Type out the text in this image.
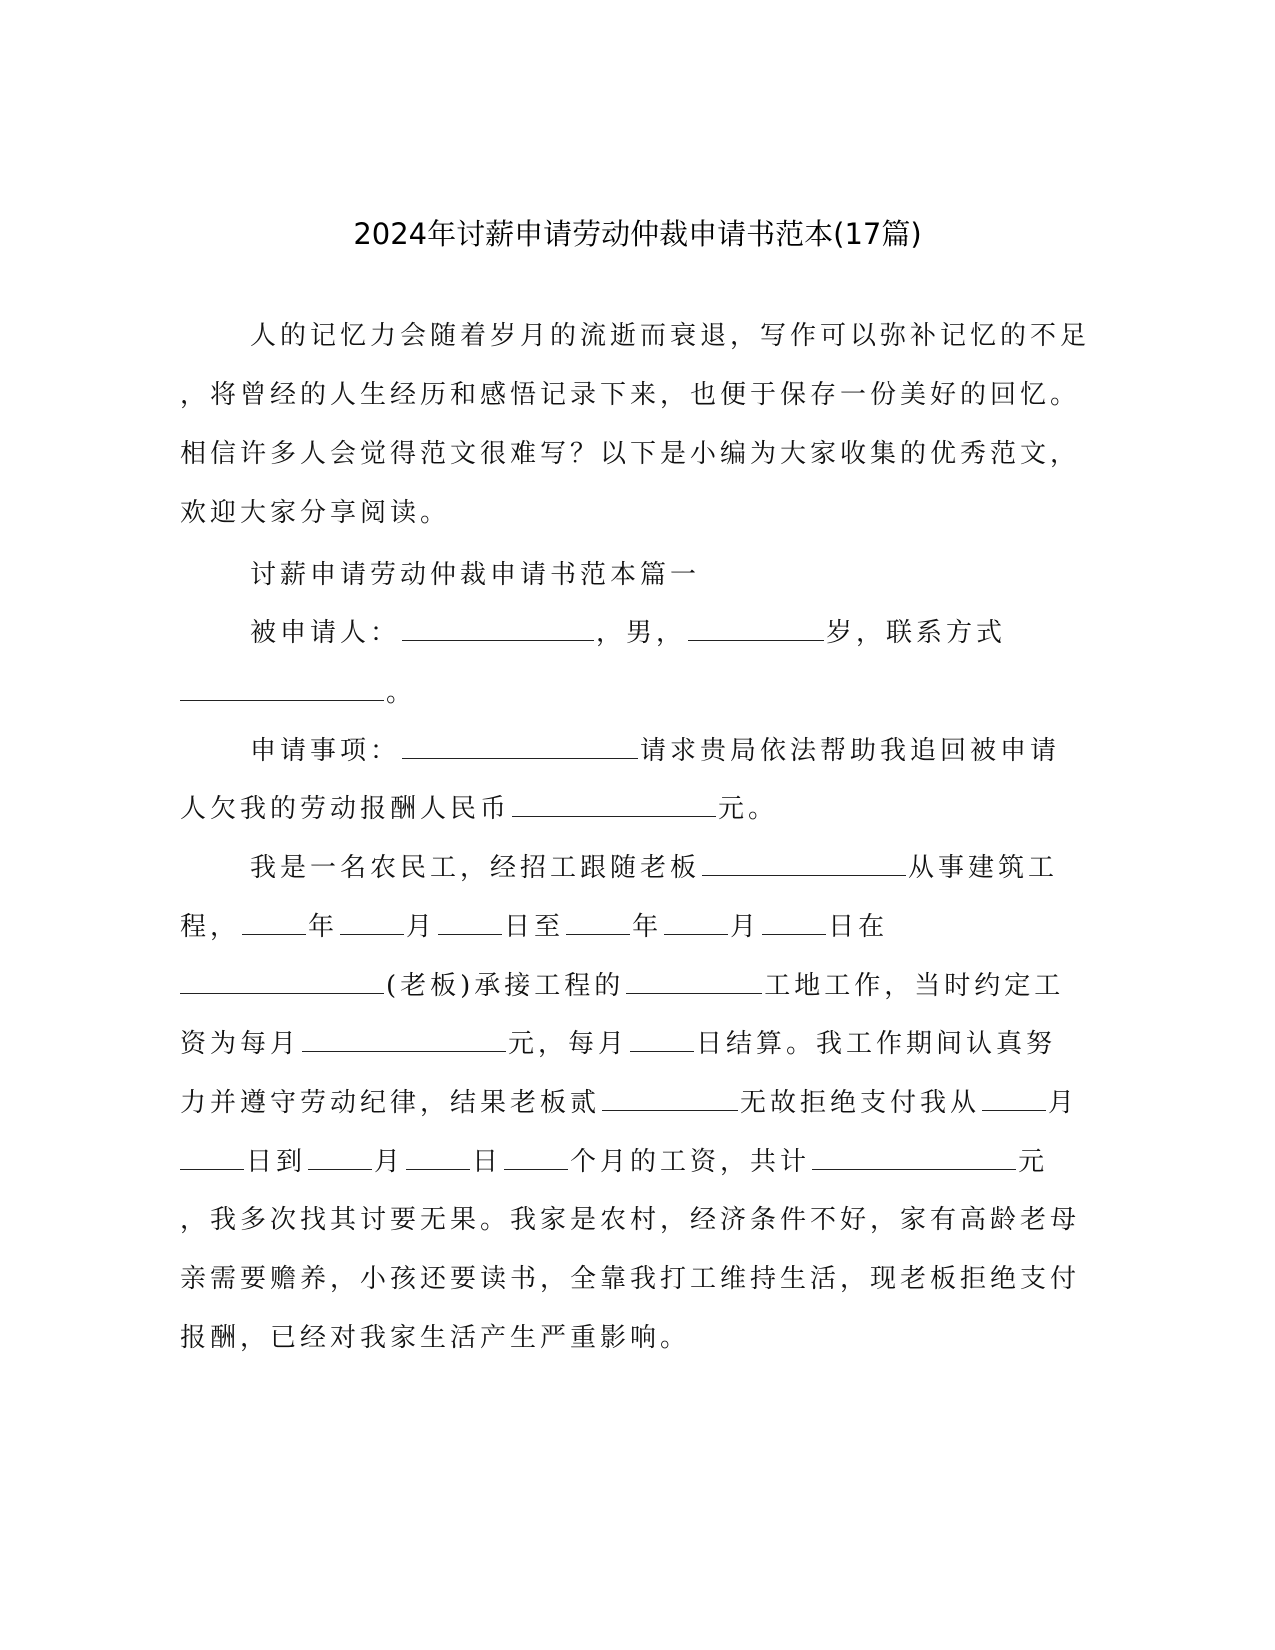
2024年讨薪申请劳动仲裁申请书范本(17篇)
人的记忆力会随着岁月的流逝而衰退，写作可以弥补记忆的不足
，将曾经的人生经历和感悟记录下来，也便于保存一份美好的回忆。
相信许多人会觉得范文很难写？以下是小编为大家收集的优秀范文，
欢迎大家分享阅读。
讨薪申请劳动仲裁申请书范本篇一
被申请人：	，男，	岁，联系方式
。
申请事项：	请求贵局依法帮助我追回被申请
人欠我的劳动报酬人民币	元。
我是一名农民工，经招工跟随老板	从事建筑工
程，	年	月	日至	年	月	日在
(老板)承接工程的	工地工作，当时约定工
资为每月	元，每月	日结算。我工作期间认真努
力并遵守劳动纪律，结果老板贰	无故拒绝支付我从	月
日到	月	日	个月的工资，共计	元
，我多次找其讨要无果。我家是农村，经济条件不好，家有高龄老母
亲需要赡养，小孩还要读书，全靠我打工维持生活，现老板拒绝支付
报酬，已经对我家生活产生严重影响。
